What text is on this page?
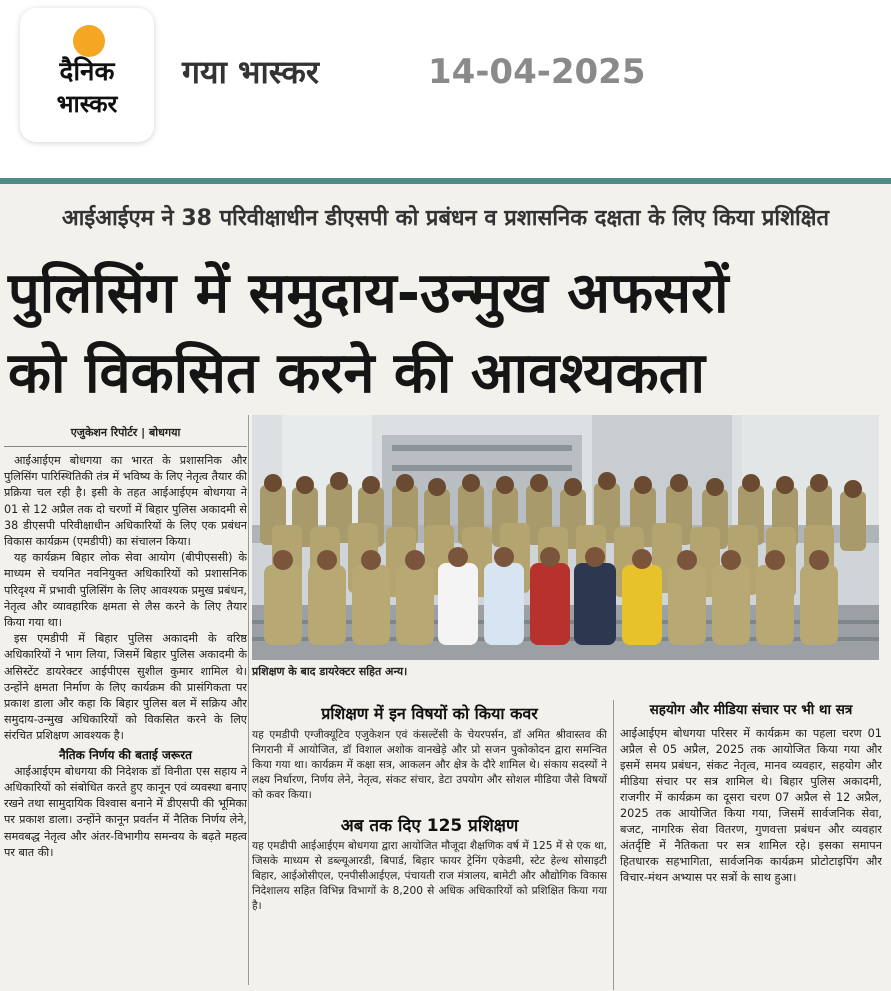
दैनिक
भास्कर
गया भास्कर	14-04-2025
आईआईएम ने 38 परिवीक्षाधीन डीएसपी को प्रबंधन व प्रशासनिक दक्षता के लिए किया प्रशिक्षित
पुलिसिंग में समुदाय-उन्मुख अफसरों
को विकसित करने की आवश्यकता
एजुकेशन रिपोर्टर | बोधगया

आईआईएम बोधगया का भारत के प्रशासनिक और पुलिसिंग पारिस्थितिकी तंत्र में भविष्य के लिए नेतृत्व तैयार की प्रक्रिया चल रही है। इसी के तहत आईआईएम बोधगया ने 01 से 12 अप्रैल तक दो चरणों में बिहार पुलिस अकादमी से 38 डीएसपी परिवीक्षाधीन अधिकारियों के लिए एक प्रबंधन विकास कार्यक्रम (एमडीपी) का संचालन किया।

यह कार्यक्रम बिहार लोक सेवा आयोग (बीपीएससी) के माध्यम से चयनित नवनियुक्त अधिकारियों को प्रशासनिक परिदृश्य में प्रभावी पुलिसिंग के लिए आवश्यक प्रमुख प्रबंधन, नेतृत्व और व्यावहारिक क्षमता से लैस करने के लिए तैयार किया गया था।

इस एमडीपी में बिहार पुलिस अकादमी के वरिष्ठ अधिकारियों ने भाग लिया, जिसमें बिहार पुलिस अकादमी के असिस्टेंट डायरेक्टर आईपीएस सुशील कुमार शामिल थे। उन्होंने क्षमता निर्माण के लिए कार्यक्रम की प्रासंगिकता पर प्रकाश डाला और कहा कि बिहार पुलिस बल में सक्रिय और समुदाय-उन्मुख अधिकारियों को विकसित करने के लिए संरचित प्रशिक्षण आवश्यक है।

नैतिक निर्णय की बताई जरूरत

आईआईएम बोधगया की निदेशक डॉ विनीता एस सहाय ने अधिकारियों को संबोधित करते हुए कानून एवं व्यवस्था बनाए रखने तथा सामुदायिक विश्वास बनाने में डीएसपी की भूमिका पर प्रकाश डाला। उन्होंने कानून प्रवर्तन में नैतिक निर्णय लेने, समवबद्ध नेतृत्व और अंतर-विभागीय समन्वय के बढ़ते महत्व पर बात की।

प्रशिक्षण के बाद डायरेक्टर सहित अन्य।
प्रशिक्षण में इन विषयों को किया कवर
यह एमडीपी एग्जीक्यूटिव एजुकेशन एवं कंसल्टेंसी के चेयरपर्सन, डॉ अमित श्रीवास्तव की निगरानी में आयोजित, डॉ विशाल अशोक वानखेड़े और प्रो सजन पुकोकोदन द्वारा समन्वित किया गया था। कार्यक्रम में कक्षा सत्र, आकलन और क्षेत्र के दौरे शामिल थे। संकाय सदस्यों ने लक्ष्य निर्धारण, निर्णय लेने, नेतृत्व, संकट संचार, डेटा उपयोग और सोशल मीडिया जैसे विषयों को कवर किया।
अब तक दिए 125 प्रशिक्षण
यह एमडीपी आईआईएम बोधगया द्वारा आयोजित मौजूदा शैक्षणिक वर्ष में 125 में से एक था, जिसके माध्यम से डब्ल्यूआरडी, बिपार्ड, बिहार फायर ट्रेनिंग एकेडमी, स्टेट हेल्थ सोसाइटी बिहार, आईओसीएल, एनपीसीआईएल, पंचायती राज मंत्रालय, बामेटी और औद्योगिक विकास निदेशालय सहित विभिन्न विभागों के 8,200 से अधिक अधिकारियों को प्रशिक्षित किया गया है।
सहयोग और मीडिया संचार पर भी था सत्र
आईआईएम बोधगया परिसर में कार्यक्रम का पहला चरण 01 अप्रैल से 05 अप्रैल, 2025 तक आयोजित किया गया और इसमें समय प्रबंधन, संकट नेतृत्व, मानव व्यवहार, सहयोग और मीडिया संचार पर सत्र शामिल थे। बिहार पुलिस अकादमी, राजगीर में कार्यक्रम का दूसरा चरण 07 अप्रैल से 12 अप्रैल, 2025 तक आयोजित किया गया, जिसमें सार्वजनिक सेवा, बजट, नागरिक सेवा वितरण, गुणवत्ता प्रबंधन और व्यवहार अंतर्दृष्टि में नैतिकता पर सत्र शामिल रहे। इसका समापन हितधारक सहभागिता, सार्वजनिक कार्यक्रम प्रोटोटाइपिंग और विचार-मंथन अभ्यास पर सत्रों के साथ हुआ।
